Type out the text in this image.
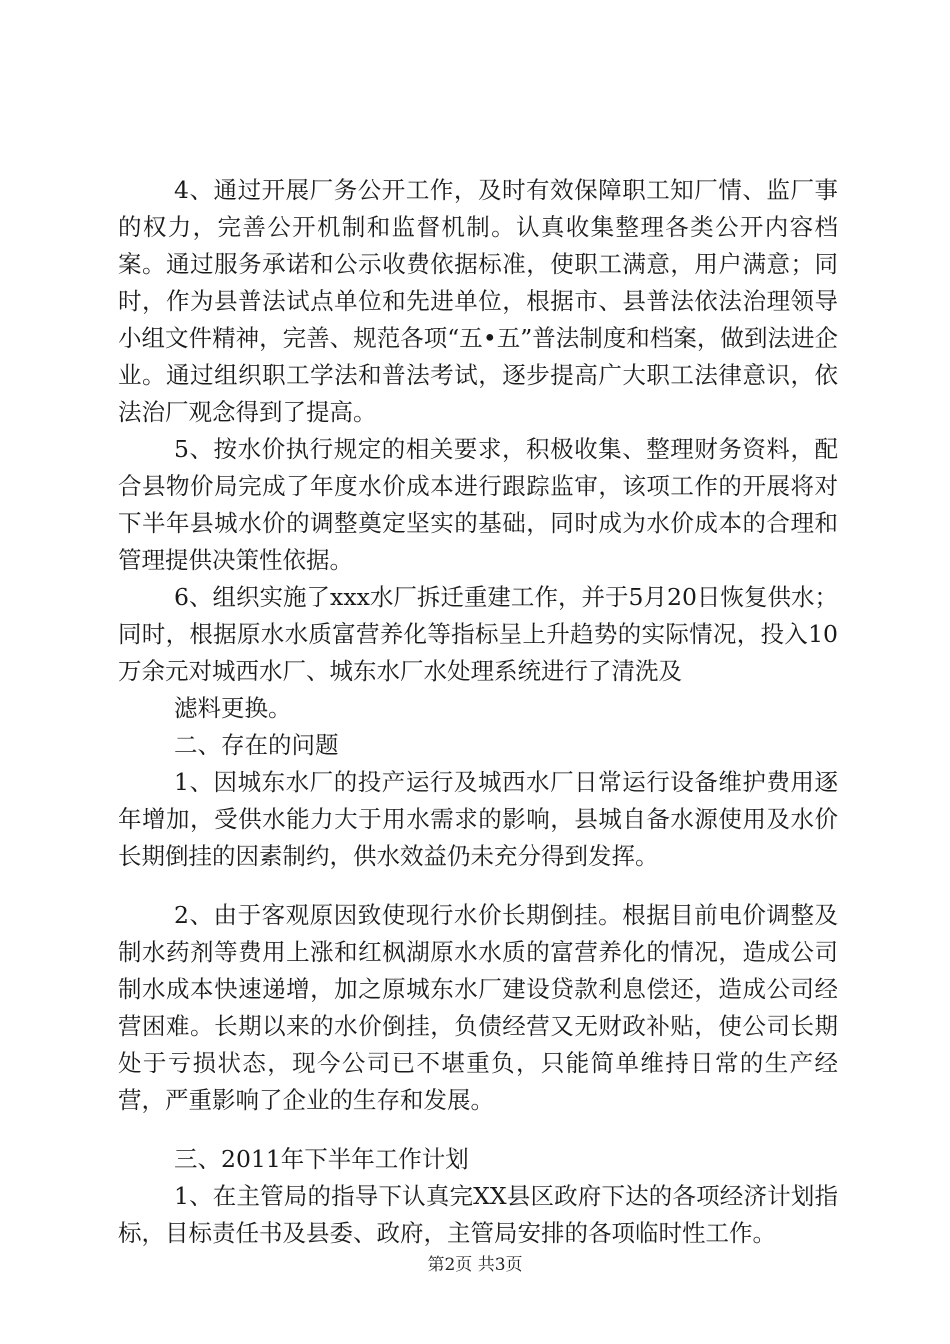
4、通过开展厂务公开工作，及时有效保障职工知厂情、监厂事的权力，完善公开机制和监督机制。认真收集整理各类公开内容档案。通过服务承诺和公示收费依据标准，使职工满意，用户满意；同时，作为县普法试点单位和先进单位，根据市、县普法依法治理领导小组文件精神，完善、规范各项“五•五”普法制度和档案，做到法进企业。通过组织职工学法和普法考试，逐步提高广大职工法律意识，依法治厂观念得到了提高。

5、按水价执行规定的相关要求，积极收集、整理财务资料，配合县物价局完成了年度水价成本进行跟踪监审，该项工作的开展将对下半年县城水价的调整奠定坚实的基础，同时成为水价成本的合理和管理提供决策性依据。

6、组织实施了xxx水厂拆迁重建工作，并于5月20日恢复供水；同时，根据原水水质富营养化等指标呈上升趋势的实际情况，投入10万余元对城西水厂、城东水厂水处理系统进行了清洗及

滤料更换。

二、存在的问题

1、因城东水厂的投产运行及城西水厂日常运行设备维护费用逐年增加，受供水能力大于用水需求的影响，县城自备水源使用及水价长期倒挂的因素制约，供水效益仍未充分得到发挥。

2、由于客观原因致使现行水价长期倒挂。根据目前电价调整及制水药剂等费用上涨和红枫湖原水水质的富营养化的情况，造成公司制水成本快速递增，加之原城东水厂建设贷款利息偿还，造成公司经营困难。长期以来的水价倒挂，负债经营又无财政补贴，使公司长期处于亏损状态，现今公司已不堪重负，只能简单维持日常的生产经营，严重影响了企业的生存和发展。

三、2011年下半年工作计划

1、在主管局的指导下认真完XX县区政府下达的各项经济计划指标，目标责任书及县委、政府，主管局安排的各项临时性工作。

第2页 共3页
